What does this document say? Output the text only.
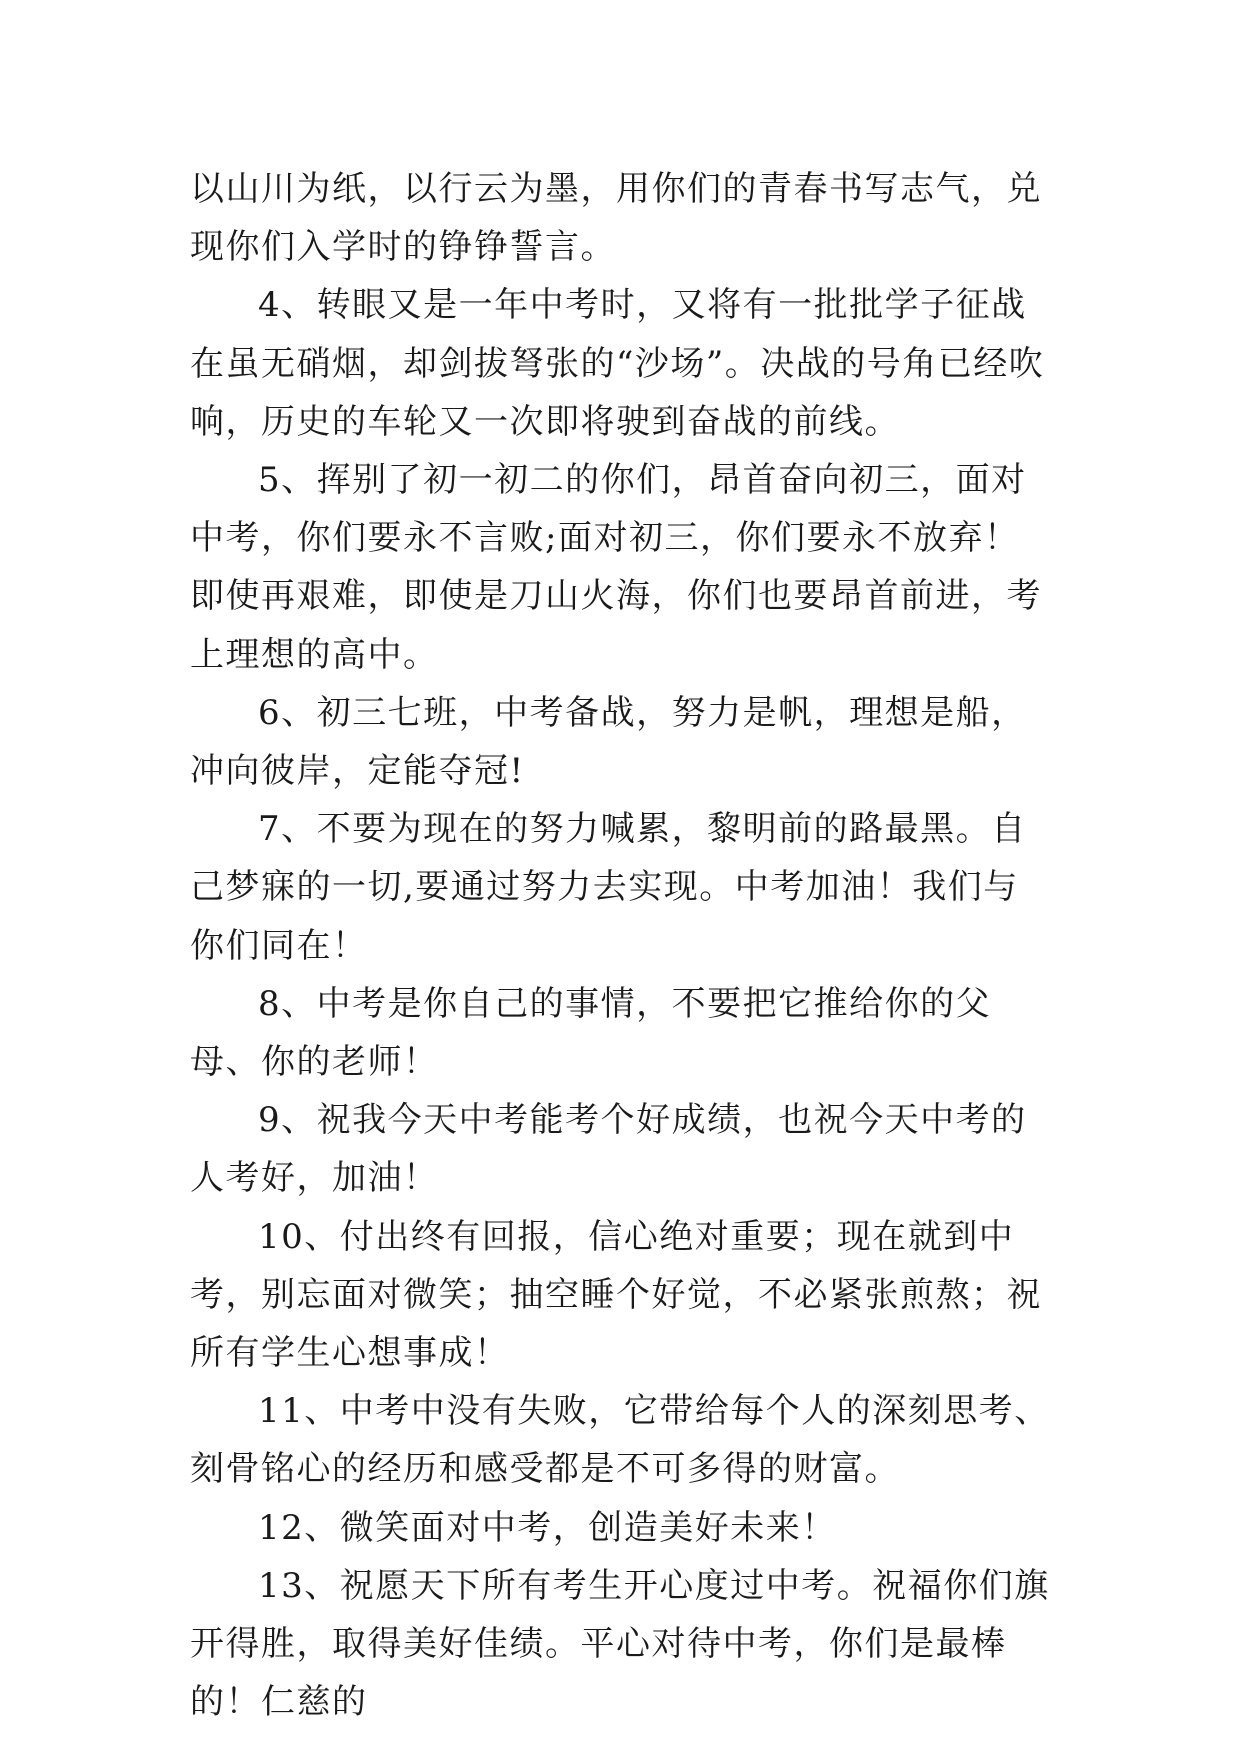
以山川为纸，以行云为墨，用你们的青春书写志气，兑现你们入学时的铮铮誓言。

4、转眼又是一年中考时，又将有一批批学子征战在虽无硝烟，却剑拔弩张的“沙场”。决战的号角已经吹响，历史的车轮又一次即将驶到奋战的前线。

5、挥别了初一初二的你们，昂首奋向初三，面对中考，你们要永不言败;面对初三，你们要永不放弃！即使再艰难，即使是刀山火海，你们也要昂首前进，考上理想的高中。

6、初三七班，中考备战，努力是帆，理想是船，冲向彼岸，定能夺冠!

7、不要为现在的努力喊累，黎明前的路最黑。自己梦寐的一切,要通过努力去实现。中考加油！我们与你们同在！

8、中考是你自己的事情，不要把它推给你的父母、你的老师！

9、祝我今天中考能考个好成绩，也祝今天中考的人考好，加油！

10、付出终有回报，信心绝对重要；现在就到中考，别忘面对微笑；抽空睡个好觉，不必紧张煎熬；祝所有学生心想事成！

11、中考中没有失败，它带给每个人的深刻思考、刻骨铭心的经历和感受都是不可多得的财富。

12、微笑面对中考，创造美好未来！

13、祝愿天下所有考生开心度过中考。祝福你们旗开得胜，取得美好佳绩。平心对待中考，你们是最棒的！仁慈的
